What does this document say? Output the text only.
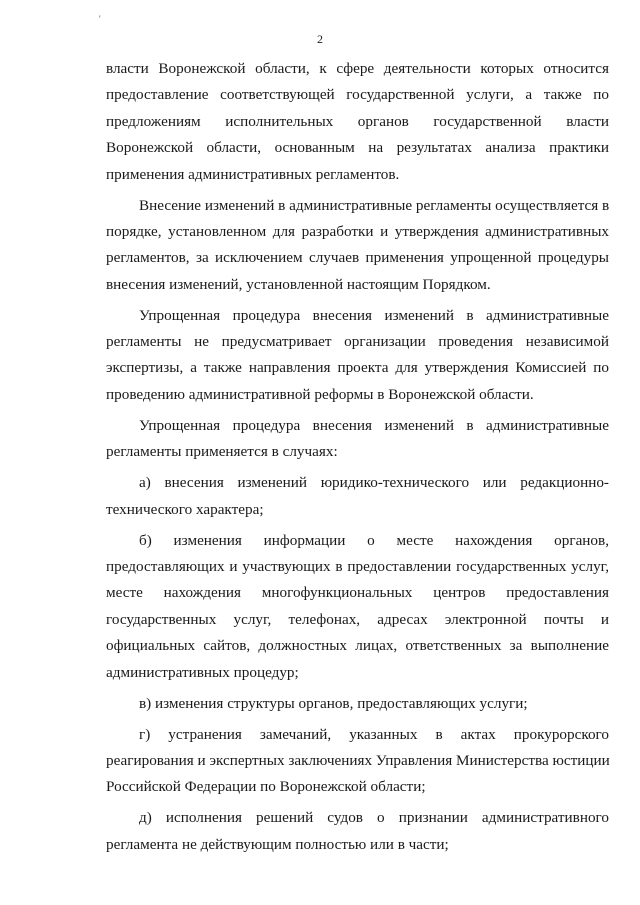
'
2
власти Воронежской области, к сфере деятельности которых относится
предоставление соответствующей государственной услуги, а также по
предложениям исполнительных органов государственной власти
Воронежской области, основанным на результатах анализа практики
применения административных регламентов.
Внесение изменений в административные регламенты осуществляется в
порядке, установленном для разработки и утверждения административных
регламентов, за исключением случаев применения упрощенной процедуры
внесения изменений, установленной настоящим Порядком.
Упрощенная процедура внесения изменений в административные
регламенты не предусматривает организации проведения независимой
экспертизы, а также направления проекта для утверждения Комиссией по
проведению административной реформы в Воронежской области.
Упрощенная процедура внесения изменений в административные
регламенты применяется в случаях:
а) внесения изменений юридико-технического или редакционно-
технического характера;
б) изменения информации о месте нахождения органов,
предоставляющих и участвующих в предоставлении государственных услуг,
месте нахождения многофункциональных центров предоставления
государственных услуг, телефонах, адресах электронной почты и
официальных сайтов, должностных лицах, ответственных за выполнение
административных процедур;
в) изменения структуры органов, предоставляющих услуги;
г) устранения замечаний, указанных в актах прокурорского
реагирования и экспертных заключениях Управления Министерства юстиции
Российской Федерации по Воронежской области;
д) исполнения решений судов о признании административного
регламента не действующим полностью или в части;
